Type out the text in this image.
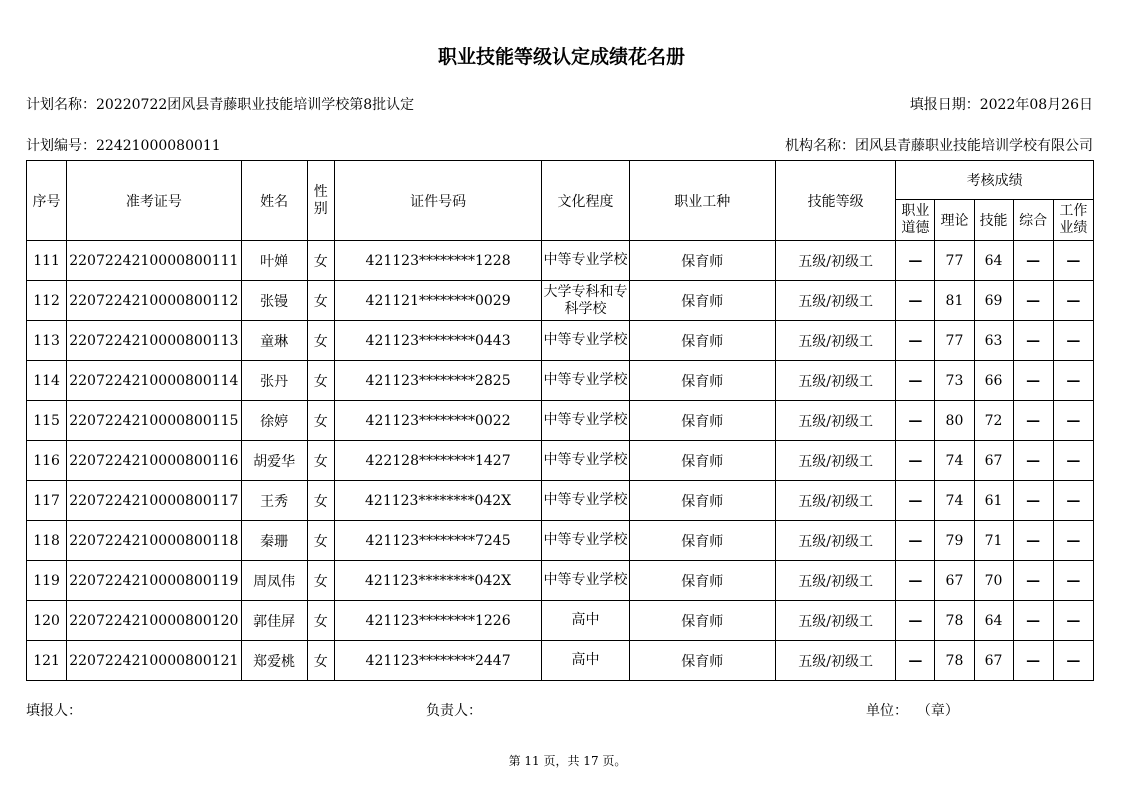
职业技能等级认定成绩花名册
计划名称：20220722团风县青藤职业技能培训学校第8批认定	填报日期：2022年08月26日
计划编号：22421000080011	机构名称：团风县青藤职业技能培训学校有限公司
序号	准考证号	姓名	性别	证件号码	文化程度	职业工种	技能等级	考核成绩				

								职业道德	理论	技能	综合	工作业绩

111	2207224210000800111	叶婵	女	421123********1228	中等专业学校	保育师	五级/初级工	—	77	64	—	—
112	2207224210000800112	张镘	女	421121********0029	大学专科和专科学校	保育师	五级/初级工	—	81	69	—	—
113	2207224210000800113	童琳	女	421123********0443	中等专业学校	保育师	五级/初级工	—	77	63	—	—
114	2207224210000800114	张丹	女	421123********2825	中等专业学校	保育师	五级/初级工	—	73	66	—	—
115	2207224210000800115	徐婷	女	421123********0022	中等专业学校	保育师	五级/初级工	—	80	72	—	—
116	2207224210000800116	胡爱华	女	422128********1427	中等专业学校	保育师	五级/初级工	—	74	67	—	—
117	2207224210000800117	王秀	女	421123********042X	中等专业学校	保育师	五级/初级工	—	74	61	—	—
118	2207224210000800118	秦珊	女	421123********7245	中等专业学校	保育师	五级/初级工	—	79	71	—	—
119	2207224210000800119	周凤伟	女	421123********042X	中等专业学校	保育师	五级/初级工	—	67	70	—	—
120	2207224210000800120	郭佳屏	女	421123********1226	高中	保育师	五级/初级工	—	78	64	—	—
121	2207224210000800121	郑爱桃	女	421123********2447	高中	保育师	五级/初级工	—	78	67	—	—
填报人：	负责人：	单位：  （章）
第 11 页，共 17 页。
